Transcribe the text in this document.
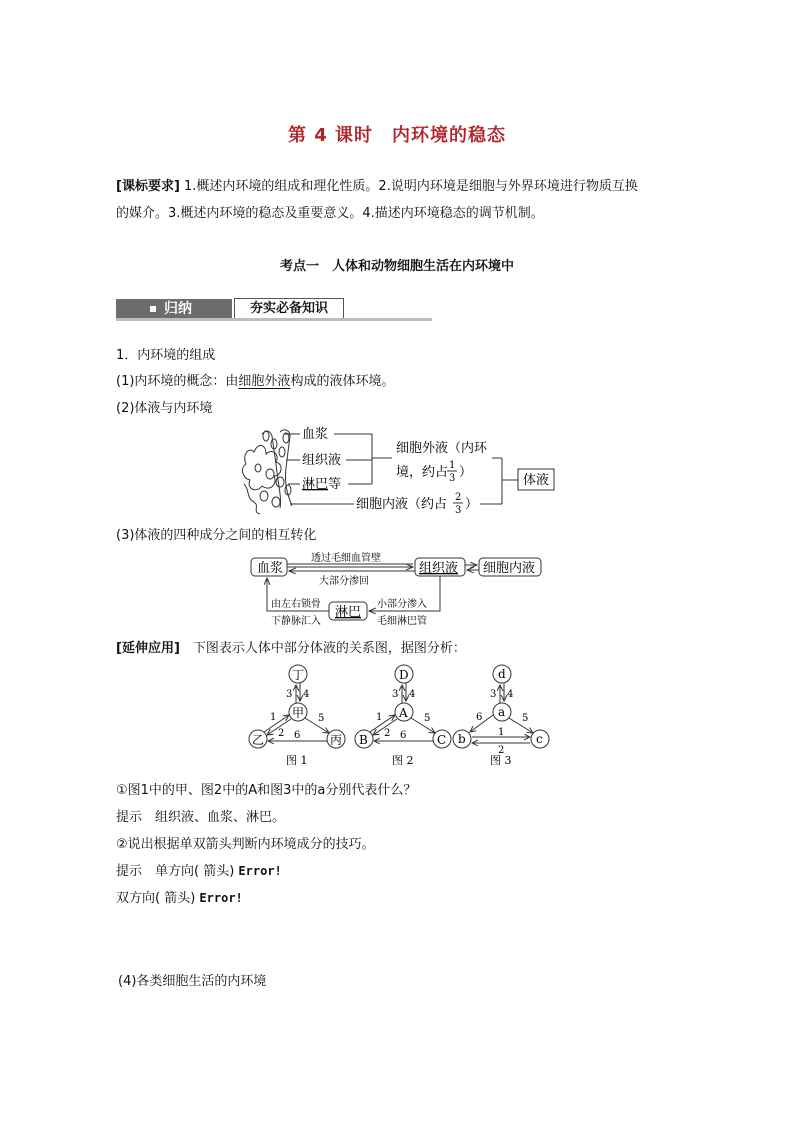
第 4 课时　内环境的稳态
[课标要求] 1.概述内环境的组成和理化性质。2.说明内环境是细胞与外界环境进行物质互换
的媒介。3.概述内环境的稳态及重要意义。4.描述内环境稳态的调节机制。
考点一　人体和动物细胞生活在内环境中
归纳	夯实必备知识
1．内环境的组成
(1)内环境的概念：由细胞外液构成的液体环境。
(2)体液与内环境
血浆
组织液
淋巴等
细胞外液（内环
境，约占 1
3 ）
细胞内液（约占 2
3 ）
体液
(3)体液的四种成分之间的相互转化
血浆	组织液 细胞内液
淋巴
透过毛细血管壁
大部分渗回
小部分渗入
毛细淋巴管
由左右锁骨
下静脉汇入
[延伸应用]　下图表示人体中部分体液的关系图，据图分析：
丁
甲
乙	丙
3 4
1
2
5
6
图 1
D
A
B	C
3 4
1
2
5
6
图 2
d
a
b	c
3 4
6	5
1
2
图 3
①图1中的甲、图2中的A和图3中的a分别代表什么？
提示　组织液、血浆、淋巴。
②说出根据单双箭头判断内环境成分的技巧。
提示　单方向( 箭头) Error!
双方向( 箭头) Error!
(4)各类细胞生活的内环境
